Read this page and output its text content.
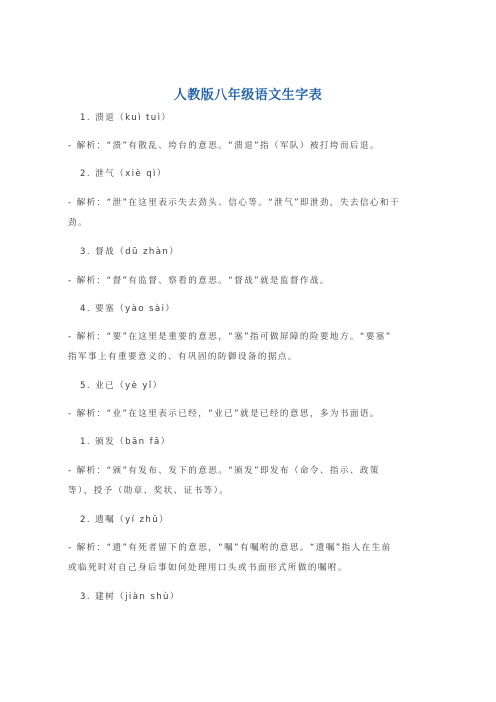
人教版八年级语文生字表
1. 溃退（kuì tuì）
- 解析：“溃”有散乱、垮台的意思。“溃退”指（军队）被打垮而后退。
2. 泄气（xiè qì）
- 解析：“泄”在这里表示失去劲头、信心等。“泄气”即泄劲，失去信心和干
劲。
3. 督战（dū zhàn）
- 解析：“督”有监督、察看的意思。“督战”就是监督作战。
4. 要塞（yào sài）
- 解析：“要”在这里是重要的意思，“塞”指可做屏障的险要地方。“要塞”
指军事上有重要意义的、有巩固的防御设备的据点。
5. 业已（yè yǐ）
- 解析：“业”在这里表示已经，“业已”就是已经的意思，多为书面语。
1. 颁发（bān fā）
- 解析：“颁”有发布、发下的意思。“颁发”即发布（命令、指示、政策
等），授予（勋章、奖状、证书等）。
2. 遗嘱（yí zhǔ）
- 解析：“遗”有死者留下的意思，“嘱”有嘱咐的意思。“遗嘱”指人在生前
或临死时对自己身后事如何处理用口头或书面形式所做的嘱咐。
3. 建树（jiàn shù）
